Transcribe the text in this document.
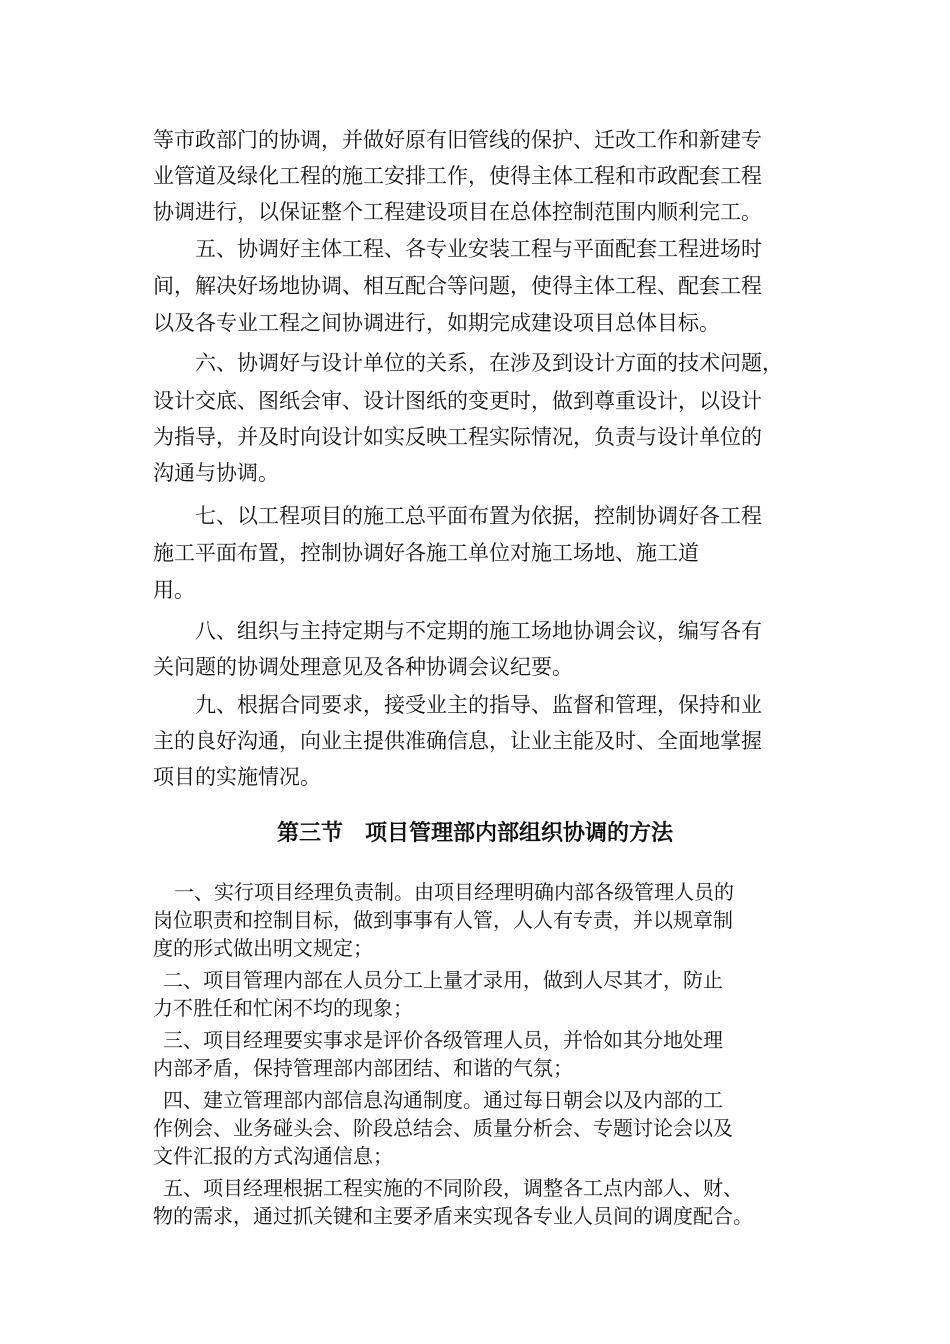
等市政部门的协调，并做好原有旧管线的保护、迁改工作和新建专
业管道及绿化工程的施工安排工作，使得主体工程和市政配套工程
协调进行，以保证整个工程建设项目在总体控制范围内顺利完工。
五、协调好主体工程、各专业安装工程与平面配套工程进场时
间，解决好场地协调、相互配合等问题，使得主体工程、配套工程
以及各专业工程之间协调进行，如期完成建设项目总体目标。
六、协调好与设计单位的关系，在涉及到设计方面的技术问题，
设计交底、图纸会审、设计图纸的变更时，做到尊重设计，以设计
为指导，并及时向设计如实反映工程实际情况，负责与设计单位的
沟通与协调。
七、以工程项目的施工总平面布置为依据，控制协调好各工程
施工平面布置，控制协调好各施工单位对施工场地、施工道
用。
八、组织与主持定期与不定期的施工场地协调会议，编写各有
关问题的协调处理意见及各种协调会议纪要。
九、根据合同要求，接受业主的指导、监督和管理，保持和业
主的良好沟通，向业主提供准确信息，让业主能及时、全面地掌握
项目的实施情况。
第三节　项目管理部内部组织协调的方法
一、实行项目经理负责制。由项目经理明确内部各级管理人员的
岗位职责和控制目标，做到事事有人管，人人有专责，并以规章制
度的形式做出明文规定；
二、项目管理内部在人员分工上量才录用，做到人尽其才，防止
力不胜任和忙闲不均的现象；
三、项目经理要实事求是评价各级管理人员，并恰如其分地处理
内部矛盾，保持管理部内部团结、和谐的气氛；
四、建立管理部内部信息沟通制度。通过每日朝会以及内部的工
作例会、业务碰头会、阶段总结会、质量分析会、专题讨论会以及
文件汇报的方式沟通信息；
五、项目经理根据工程实施的不同阶段，调整各工点内部人、财、
物的需求，通过抓关键和主要矛盾来实现各专业人员间的调度配合。
